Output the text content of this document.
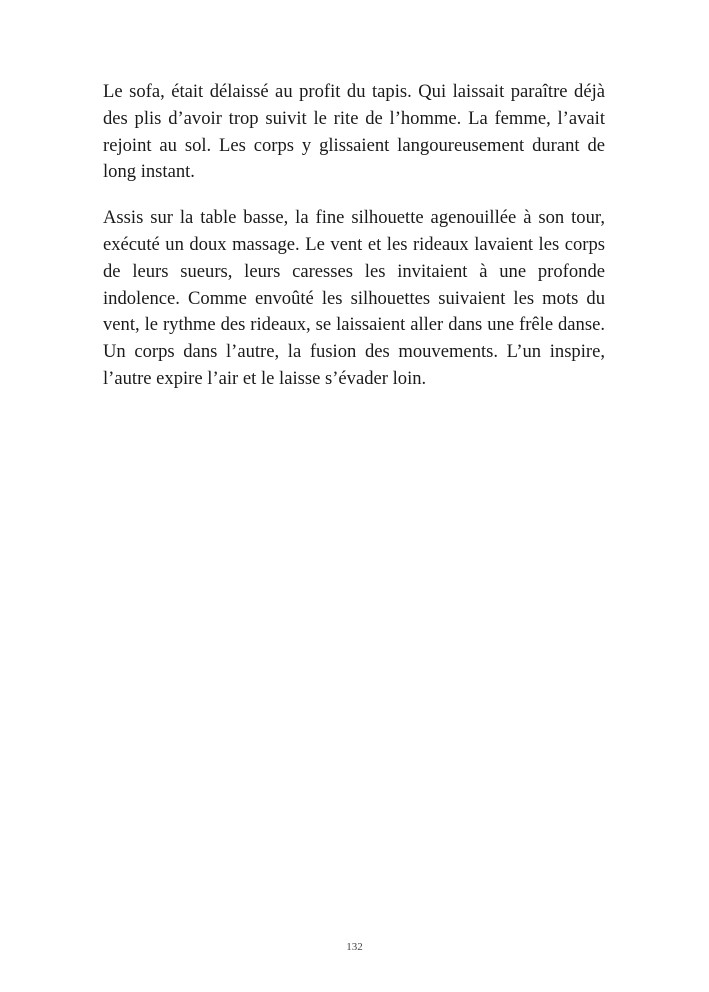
Le sofa, était délaissé au profit du tapis. Qui laissait paraître déjà des plis d’avoir trop suivit le rite de l’homme. La femme, l’avait rejoint au sol. Les corps y glissaient langoureusement durant de long instant.

Assis sur la table basse, la fine silhouette agenouillée à son tour, exécuté un doux massage. Le vent et les rideaux lavaient les corps de leurs sueurs, leurs caresses les invitaient à une profonde indolence. Comme envoûté les silhouettes suivaient les mots du vent, le rythme des rideaux, se laissaient aller dans une frêle danse. Un corps dans l’autre, la fusion des mouvements. L’un inspire, l’autre expire l’air et le laisse s’évader loin.

132
